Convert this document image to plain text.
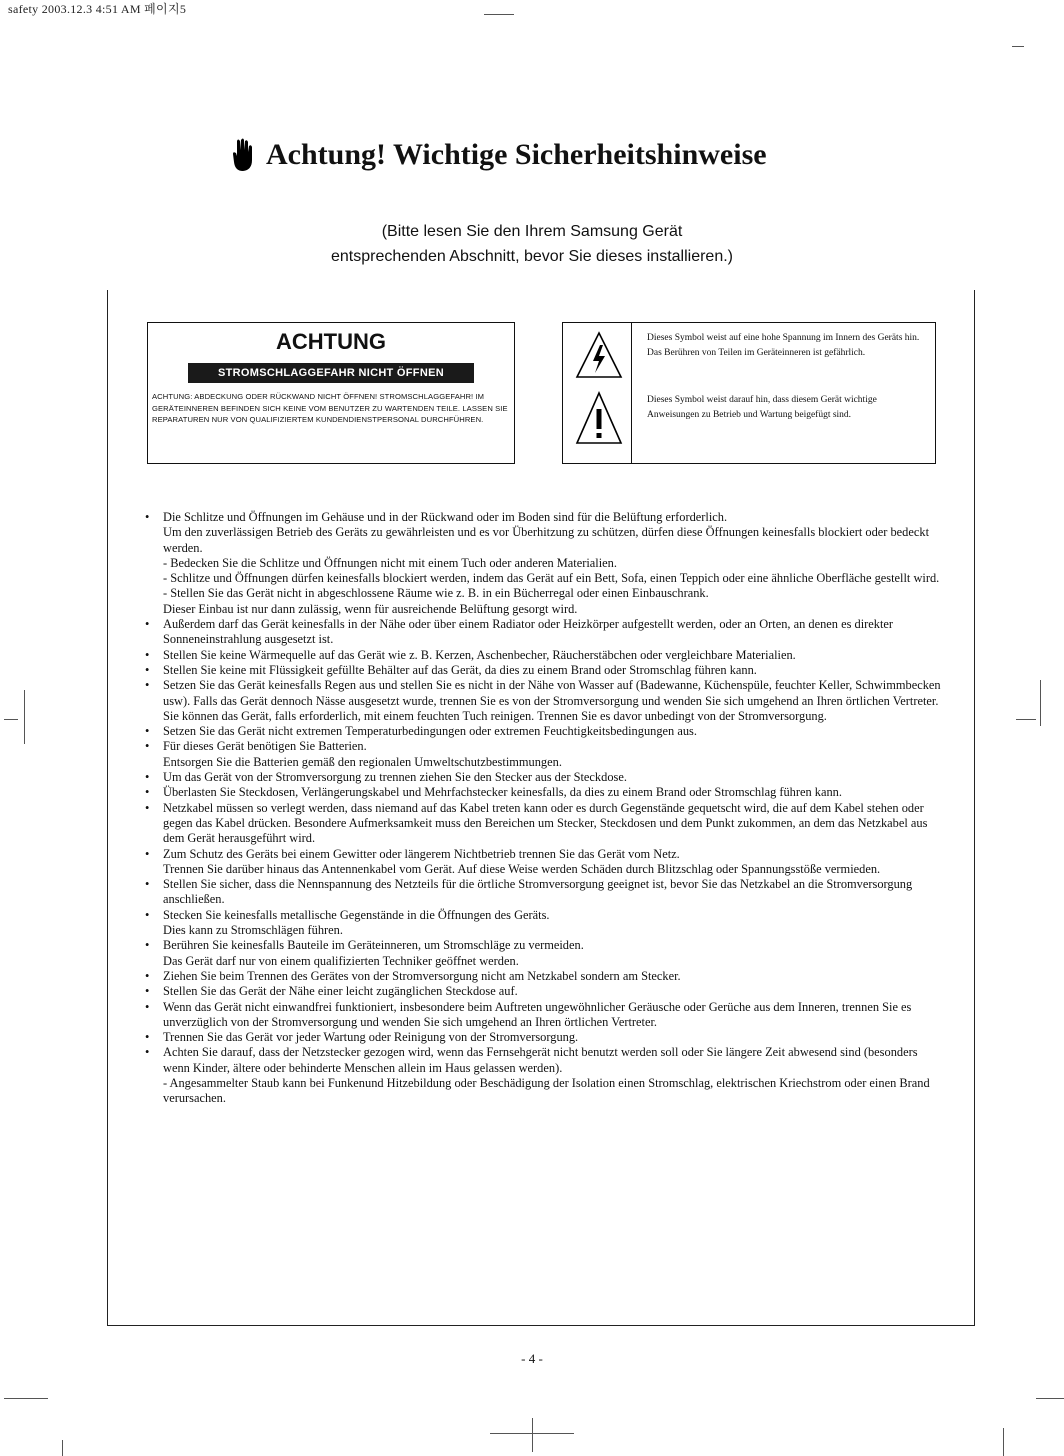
safety 2003.12.3 4:51 AM 페이지5
Achtung! Wichtige Sicherheitshinweise
(Bitte lesen Sie den Ihrem Samsung Gerät
entsprechenden Abschnitt, bevor Sie dieses installieren.)
ACHTUNG
STROMSCHLAGGEFAHR NICHT ÖFFNEN
ACHTUNG: ABDECKUNG ODER RÜCKWAND NICHT ÖFFNEN! STROMSCHLAGGEFAHR! IM GERÄTEINNEREN BEFINDEN SICH KEINE VOM BENUTZER ZU WARTENDEN TEILE. LASSEN SIE REPARATUREN NUR VON QUALIFIZIERTEM KUNDENDIENSTPERSONAL DURCHFÜHREN.
Dieses Symbol weist auf eine hohe Spannung im Innern des Geräts hin. Das Berühren von Teilen im Geräteinneren ist gefährlich.
Dieses Symbol weist darauf hin, dass diesem Gerät wichtige Anweisungen zu Betrieb und Wartung beigefügt sind.
• Die Schlitze und Öffnungen im Gehäuse und in der Rückwand oder im Boden sind für die Belüftung erforderlich.
Um den zuverlässigen Betrieb des Geräts zu gewährleisten und es vor Überhitzung zu schützen, dürfen diese Öffnungen keinesfalls blockiert oder bedeckt werden.
- Bedecken Sie die Schlitze und Öffnungen nicht mit einem Tuch oder anderen Materialien.
- Schlitze und Öffnungen dürfen keinesfalls blockiert werden, indem das Gerät auf ein Bett, Sofa, einen Teppich oder eine ähnliche Oberfläche gestellt wird.
- Stellen Sie das Gerät nicht in abgeschlossene Räume wie z. B. in ein Bücherregal oder einen Einbauschrank.
Dieser Einbau ist nur dann zulässig, wenn für ausreichende Belüftung gesorgt wird.
• Außerdem darf das Gerät keinesfalls in der Nähe oder über einem Radiator oder Heizkörper aufgestellt werden, oder an Orten, an denen es direkter Sonneneinstrahlung ausgesetzt ist.
• Stellen Sie keine Wärmequelle auf das Gerät wie z. B. Kerzen, Aschenbecher, Räucherstäbchen oder vergleichbare Materialien.
• Stellen Sie keine mit Flüssigkeit gefüllte Behälter auf das Gerät, da dies zu einem Brand oder Stromschlag führen kann.
• Setzen Sie das Gerät keinesfalls Regen aus und stellen Sie es nicht in der Nähe von Wasser auf (Badewanne, Küchenspüle, feuchter Keller, Schwimmbecken usw). Falls das Gerät dennoch Nässe ausgesetzt wurde, trennen Sie es von der Stromversorgung und wenden Sie sich umgehend an Ihren örtlichen Vertreter.
Sie können das Gerät, falls erforderlich, mit einem feuchten Tuch reinigen. Trennen Sie es davor unbedingt von der Stromversorgung.
• Setzen Sie das Gerät nicht extremen Temperaturbedingungen oder extremen Feuchtigkeitsbedingungen aus.
• Für dieses Gerät benötigen Sie Batterien.
Entsorgen Sie die Batterien gemäß den regionalen Umweltschutzbestimmungen.
• Um das Gerät von der Stromversorgung zu trennen ziehen Sie den Stecker aus der Steckdose.
• Überlasten Sie Steckdosen, Verlängerungskabel und Mehrfachstecker keinesfalls, da dies zu einem Brand oder Stromschlag führen kann.
• Netzkabel müssen so verlegt werden, dass niemand auf das Kabel treten kann oder es durch Gegenstände gequetscht wird, die auf dem Kabel stehen oder gegen das Kabel drücken. Besondere Aufmerksamkeit muss den Bereichen um Stecker, Steckdosen und dem Punkt zukommen, an dem das Netzkabel aus dem Gerät herausgeführt wird.
• Zum Schutz des Geräts bei einem Gewitter oder längerem Nichtbetrieb trennen Sie das Gerät vom Netz.
Trennen Sie darüber hinaus das Antennenkabel vom Gerät. Auf diese Weise werden Schäden durch Blitzschlag oder Spannungsstöße vermieden.
• Stellen Sie sicher, dass die Nennspannung des Netzteils für die örtliche Stromversorgung geeignet ist, bevor Sie das Netzkabel an die Stromversorgung anschließen.
• Stecken Sie keinesfalls metallische Gegenstände in die Öffnungen des Geräts.
Dies kann zu Stromschlägen führen.
• Berühren Sie keinesfalls Bauteile im Geräteinneren, um Stromschläge zu vermeiden.
Das Gerät darf nur von einem qualifizierten Techniker geöffnet werden.
• Ziehen Sie beim Trennen des Gerätes von der Stromversorgung nicht am Netzkabel sondern am Stecker.
• Stellen Sie das Gerät der Nähe einer leicht zugänglichen Steckdose auf.
• Wenn das Gerät nicht einwandfrei funktioniert, insbesondere beim Auftreten ungewöhnlicher Geräusche oder Gerüche aus dem Inneren, trennen Sie es unverzüglich von der Stromversorgung und wenden Sie sich umgehend an Ihren örtlichen Vertreter.
• Trennen Sie das Gerät vor jeder Wartung oder Reinigung von der Stromversorgung.
• Achten Sie darauf, dass der Netzstecker gezogen wird, wenn das Fernsehgerät nicht benutzt werden soll oder Sie längere Zeit abwesend sind (besonders wenn Kinder, ältere oder behinderte Menschen allein im Haus gelassen werden).
- Angesammelter Staub kann bei Funkenund Hitzebildung oder Beschädigung der Isolation einen Stromschlag, elektrischen Kriechstrom oder einen Brand verursachen.
- 4 -
